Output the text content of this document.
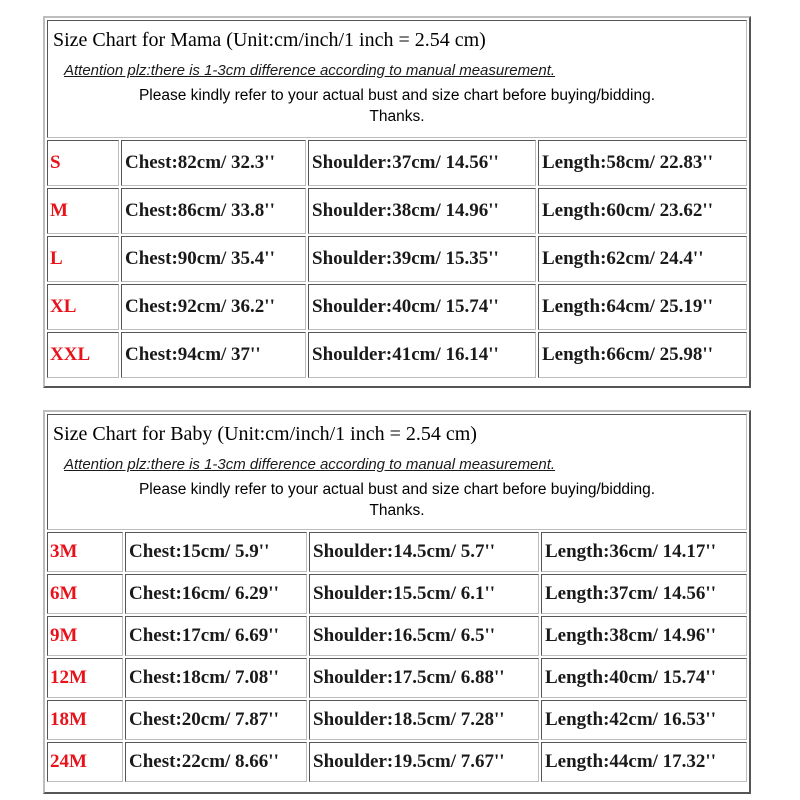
Size Chart for Mama (Unit:cm/inch/1 inch = 2.54 cm)
Attention plz:there is 1-3cm difference according to manual measurement.
Please kindly refer to your actual bust and size chart before buying/bidding.
Thanks.
S	Chest:82cm/ 32.3''	Shoulder:37cm/ 14.56''	Length:58cm/ 22.83''
M	Chest:86cm/ 33.8''	Shoulder:38cm/ 14.96''	Length:60cm/ 23.62''
L	Chest:90cm/ 35.4''	Shoulder:39cm/ 15.35''	Length:62cm/ 24.4''
XL	Chest:92cm/ 36.2''	Shoulder:40cm/ 15.74''	Length:64cm/ 25.19''
XXL	Chest:94cm/ 37''	Shoulder:41cm/ 16.14''	Length:66cm/ 25.98''
Size Chart for Baby (Unit:cm/inch/1 inch = 2.54 cm)
Attention plz:there is 1-3cm difference according to manual measurement.
Please kindly refer to your actual bust and size chart before buying/bidding.
Thanks.
3M	Chest:15cm/ 5.9''	Shoulder:14.5cm/ 5.7''	Length:36cm/ 14.17''
6M	Chest:16cm/ 6.29''	Shoulder:15.5cm/ 6.1''	Length:37cm/ 14.56''
9M	Chest:17cm/ 6.69''	Shoulder:16.5cm/ 6.5''	Length:38cm/ 14.96''
12M	Chest:18cm/ 7.08''	Shoulder:17.5cm/ 6.88''	Length:40cm/ 15.74''
18M	Chest:20cm/ 7.87''	Shoulder:18.5cm/ 7.28''	Length:42cm/ 16.53''
24M	Chest:22cm/ 8.66''	Shoulder:19.5cm/ 7.67''	Length:44cm/ 17.32''
